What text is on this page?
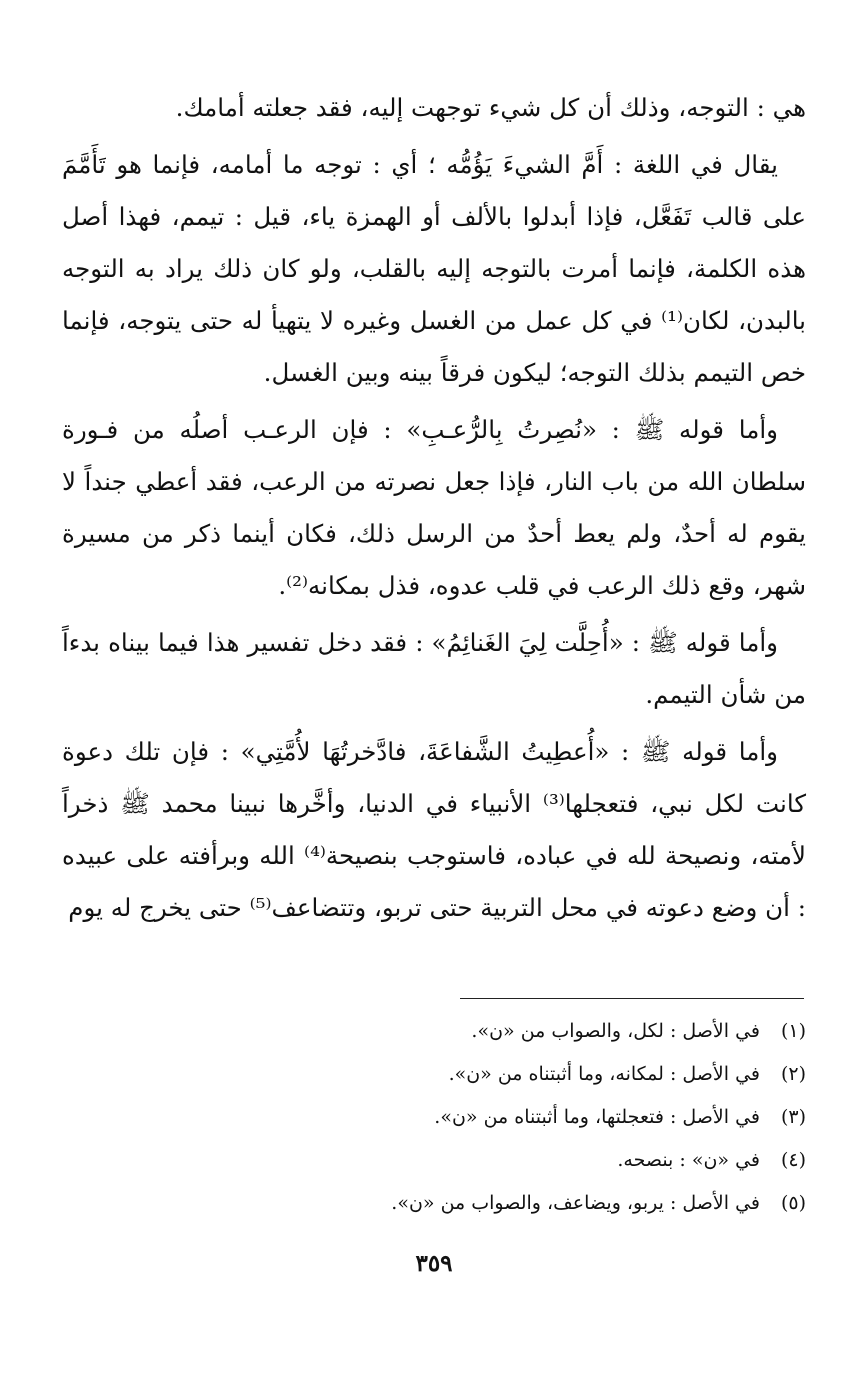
هي : التوجه، وذلك أن كل شيء توجهت إليه، فقد جعلته أمامك.

يقال في اللغة : أَمَّ الشيءَ يَؤُمُّه ؛ أي : توجه ما أمامه، فإنما هو تَأَمَّمَ على قالب تَفَعَّل، فإذا أبدلوا بالألف أو الهمزة ياء، قيل : تيمم، فهذا أصل هذه الكلمة، فإنما أمرت بالتوجه إليه بالقلب، ولو كان ذلك يراد به التوجه بالبدن، لكان⁽¹⁾ في كل عمل من الغسل وغيره لا يتهيأ له حتى يتوجه، فإنما خص التيمم بذلك التوجه؛ ليكون فرقاً بينه وبين الغسل.

وأما قوله ﷺ : «نُصِرتُ بِالرُّعـبِ» : فإن الرعـب أصلُه من فـورة سلطان الله من باب النار، فإذا جعل نصرته من الرعب، فقد أعطي جنداً لا يقوم له أحدٌ، ولم يعط أحدٌ من الرسل ذلك، فكان أينما ذكر من مسيرة شهر، وقع ذلك الرعب في قلب عدوه، فذل بمكانه⁽²⁾.

وأما قوله ﷺ : «أُحِلَّت لِيَ الغَنائِمُ» : فقد دخل تفسير هذا فيما بيناه بدءاً من شأن التيمم.

وأما قوله ﷺ : «أُعطِيتُ الشَّفاعَةَ، فادَّخرتُهَا لأُمَّتِي» : فإن تلك دعوة كانت لكل نبي، فتعجلها⁽³⁾ الأنبياء في الدنيا، وأخَّرها نبينا محمد ﷺ ذخراً لأمته، ونصيحة لله في عباده، فاستوجب بنصيحة⁽⁴⁾ الله وبرأفته على عبيده : أن وضع دعوته في محل التربية حتى تربو، وتتضاعف⁽⁵⁾ حتى يخرج له يوم

(١)في الأصل : لكل، والصواب من «ن».
(٢)في الأصل : لمكانه، وما أثبتناه من «ن».
(٣)في الأصل : فتعجلتها، وما أثبتناه من «ن».
(٤)في «ن» : بنصحه.
(٥)في الأصل : يربو، ويضاعف، والصواب من «ن».
٣٥٩
